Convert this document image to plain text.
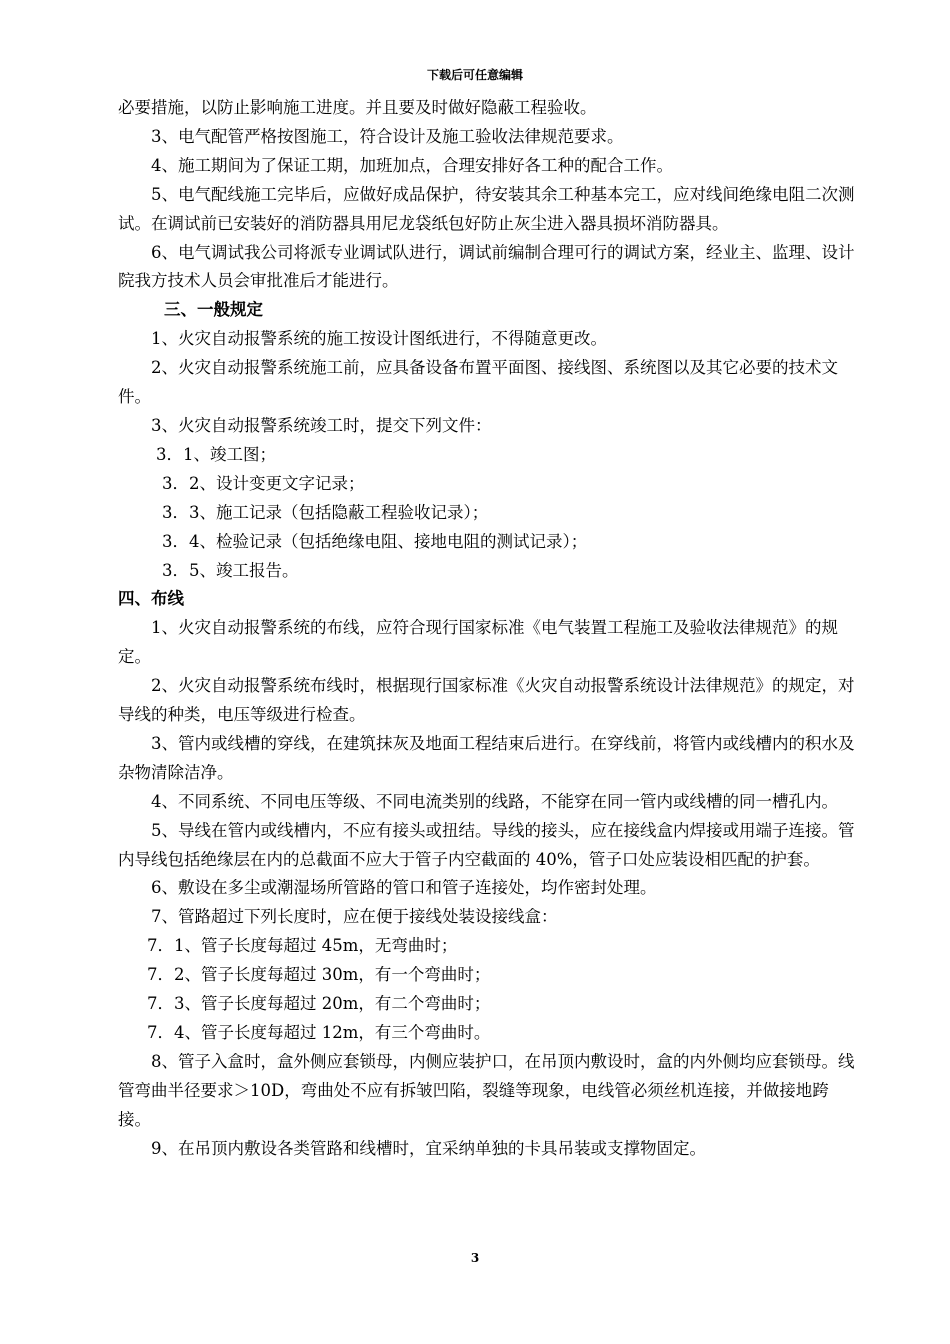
下载后可任意编辑

必要措施，以防止影响施工进度。并且要及时做好隐蔽工程验收。

3、电气配管严格按图施工，符合设计及施工验收法律规范要求。

4、施工期间为了保证工期，加班加点，合理安排好各工种的配合工作。

5、电气配线施工完毕后，应做好成品保护，待安装其余工种基本完工，应对线间绝缘电阻二次测试。在调试前已安装好的消防器具用尼龙袋纸包好防止灰尘进入器具损坏消防器具。

6、电气调试我公司将派专业调试队进行，调试前编制合理可行的调试方案，经业主、监理、设计院我方技术人员会审批准后才能进行。

三、一般规定

1、火灾自动报警系统的施工按设计图纸进行，不得随意更改。

2、火灾自动报警系统施工前，应具备设备布置平面图、接线图、系统图以及其它必要的技术文件。

3、火灾自动报警系统竣工时，提交下列文件：

3．1、竣工图；

3．2、设计变更文字记录；

3．3、施工记录（包括隐蔽工程验收记录）；

3．4、检验记录（包括绝缘电阻、接地电阻的测试记录）；

3．5、竣工报告。

四、布线

1、火灾自动报警系统的布线，应符合现行国家标准《电气装置工程施工及验收法律规范》的规定。

2、火灾自动报警系统布线时，根据现行国家标准《火灾自动报警系统设计法律规范》的规定，对导线的种类，电压等级进行检查。

3、管内或线槽的穿线，在建筑抹灰及地面工程结束后进行。在穿线前，将管内或线槽内的积水及杂物清除洁净。

4、不同系统、不同电压等级、不同电流类别的线路，不能穿在同一管内或线槽的同一槽孔内。

5、导线在管内或线槽内，不应有接头或扭结。导线的接头，应在接线盒内焊接或用端子连接。管内导线包括绝缘层在内的总截面不应大于管子内空截面的 40%，管子口处应装设相匹配的护套。

6、敷设在多尘或潮湿场所管路的管口和管子连接处，均作密封处理。

7、管路超过下列长度时，应在便于接线处装设接线盒：

7．1、管子长度每超过 45m，无弯曲时；

7．2、管子长度每超过 30m，有一个弯曲时；

7．3、管子长度每超过 20m，有二个弯曲时；

7．4、管子长度每超过 12m，有三个弯曲时。

8、管子入盒时，盒外侧应套锁母，内侧应装护口，在吊顶内敷设时，盒的内外侧均应套锁母。线管弯曲半径要求＞10D，弯曲处不应有拆皱凹陷，裂缝等现象，电线管必须丝机连接，并做接地跨接。

9、在吊顶内敷设各类管路和线槽时，宜采纳单独的卡具吊装或支撑物固定。

3
